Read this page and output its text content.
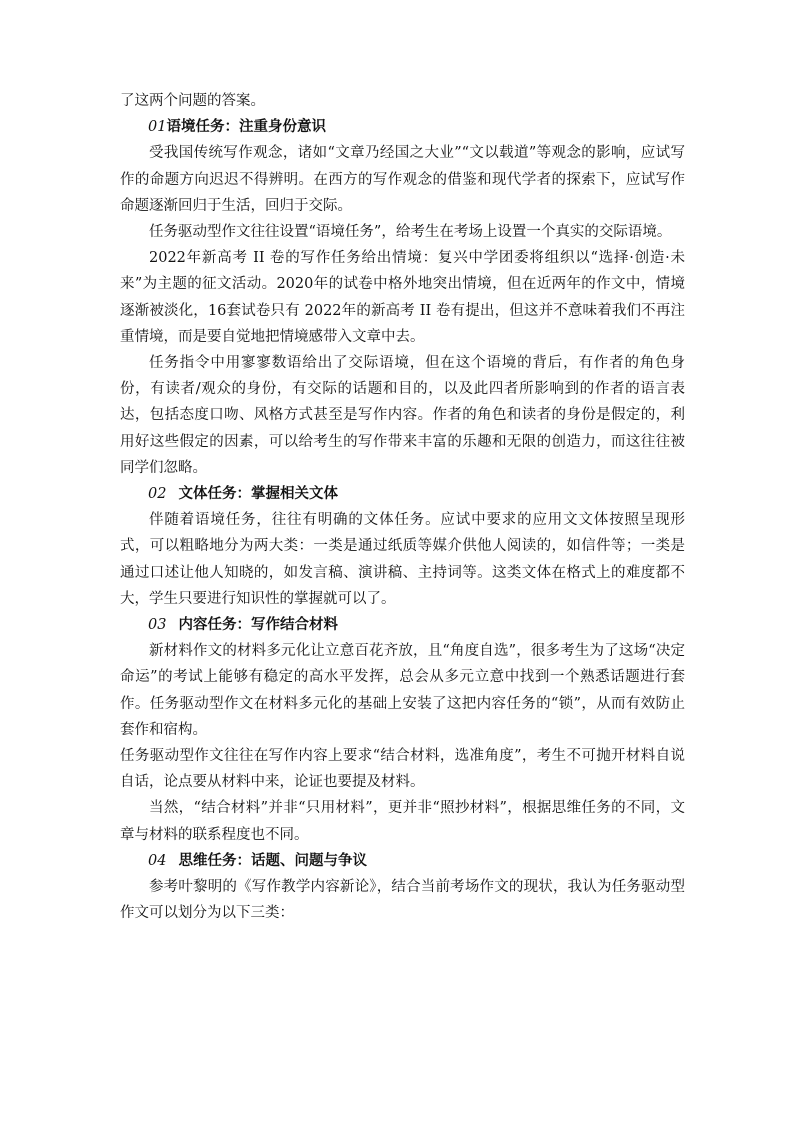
了这两个问题的答案。

01语境任务：注重身份意识

受我国传统写作观念，诸如“文章乃经国之大业”“文以载道”等观念的影响，应试写作的命题方向迟迟不得辨明。在西方的写作观念的借鉴和现代学者的探索下，应试写作命题逐渐回归于生活，回归于交际。

任务驱动型作文往往设置“语境任务”，给考生在考场上设置一个真实的交际语境。

2022年新高考 II 卷的写作任务给出情境：复兴中学团委将组织以“选择·创造·未来”为主题的征文活动。2020年的试卷中格外地突出情境，但在近两年的作文中，情境逐渐被淡化，16套试卷只有 2022年的新高考 II 卷有提出，但这并不意味着我们不再注重情境，而是要自觉地把情境感带入文章中去。

任务指令中用寥寥数语给出了交际语境，但在这个语境的背后，有作者的角色身份，有读者/观众的身份，有交际的话题和目的，以及此四者所影响到的作者的语言表达，包括态度口吻、风格方式甚至是写作内容。作者的角色和读者的身份是假定的，利用好这些假定的因素，可以给考生的写作带来丰富的乐趣和无限的创造力，而这往往被同学们忽略。

02 文体任务：掌握相关文体

伴随着语境任务，往往有明确的文体任务。应试中要求的应用文文体按照呈现形式，可以粗略地分为两大类：一类是通过纸质等媒介供他人阅读的，如信件等；一类是通过口述让他人知晓的，如发言稿、演讲稿、主持词等。这类文体在格式上的难度都不大，学生只要进行知识性的掌握就可以了。

03 内容任务：写作结合材料

新材料作文的材料多元化让立意百花齐放，且“角度自选”，很多考生为了这场“决定命运”的考试上能够有稳定的高水平发挥，总会从多元立意中找到一个熟悉话题进行套作。任务驱动型作文在材料多元化的基础上安装了这把内容任务的“锁”，从而有效防止套作和宿构。

任务驱动型作文往往在写作内容上要求“结合材料，选准角度”，考生不可抛开材料自说自话，论点要从材料中来，论证也要提及材料。

当然，“结合材料”并非“只用材料”，更并非“照抄材料”，根据思维任务的不同，文章与材料的联系程度也不同。

04 思维任务：话题、问题与争议

参考叶黎明的《写作教学内容新论》，结合当前考场作文的现状，我认为任务驱动型作文可以划分为以下三类：
